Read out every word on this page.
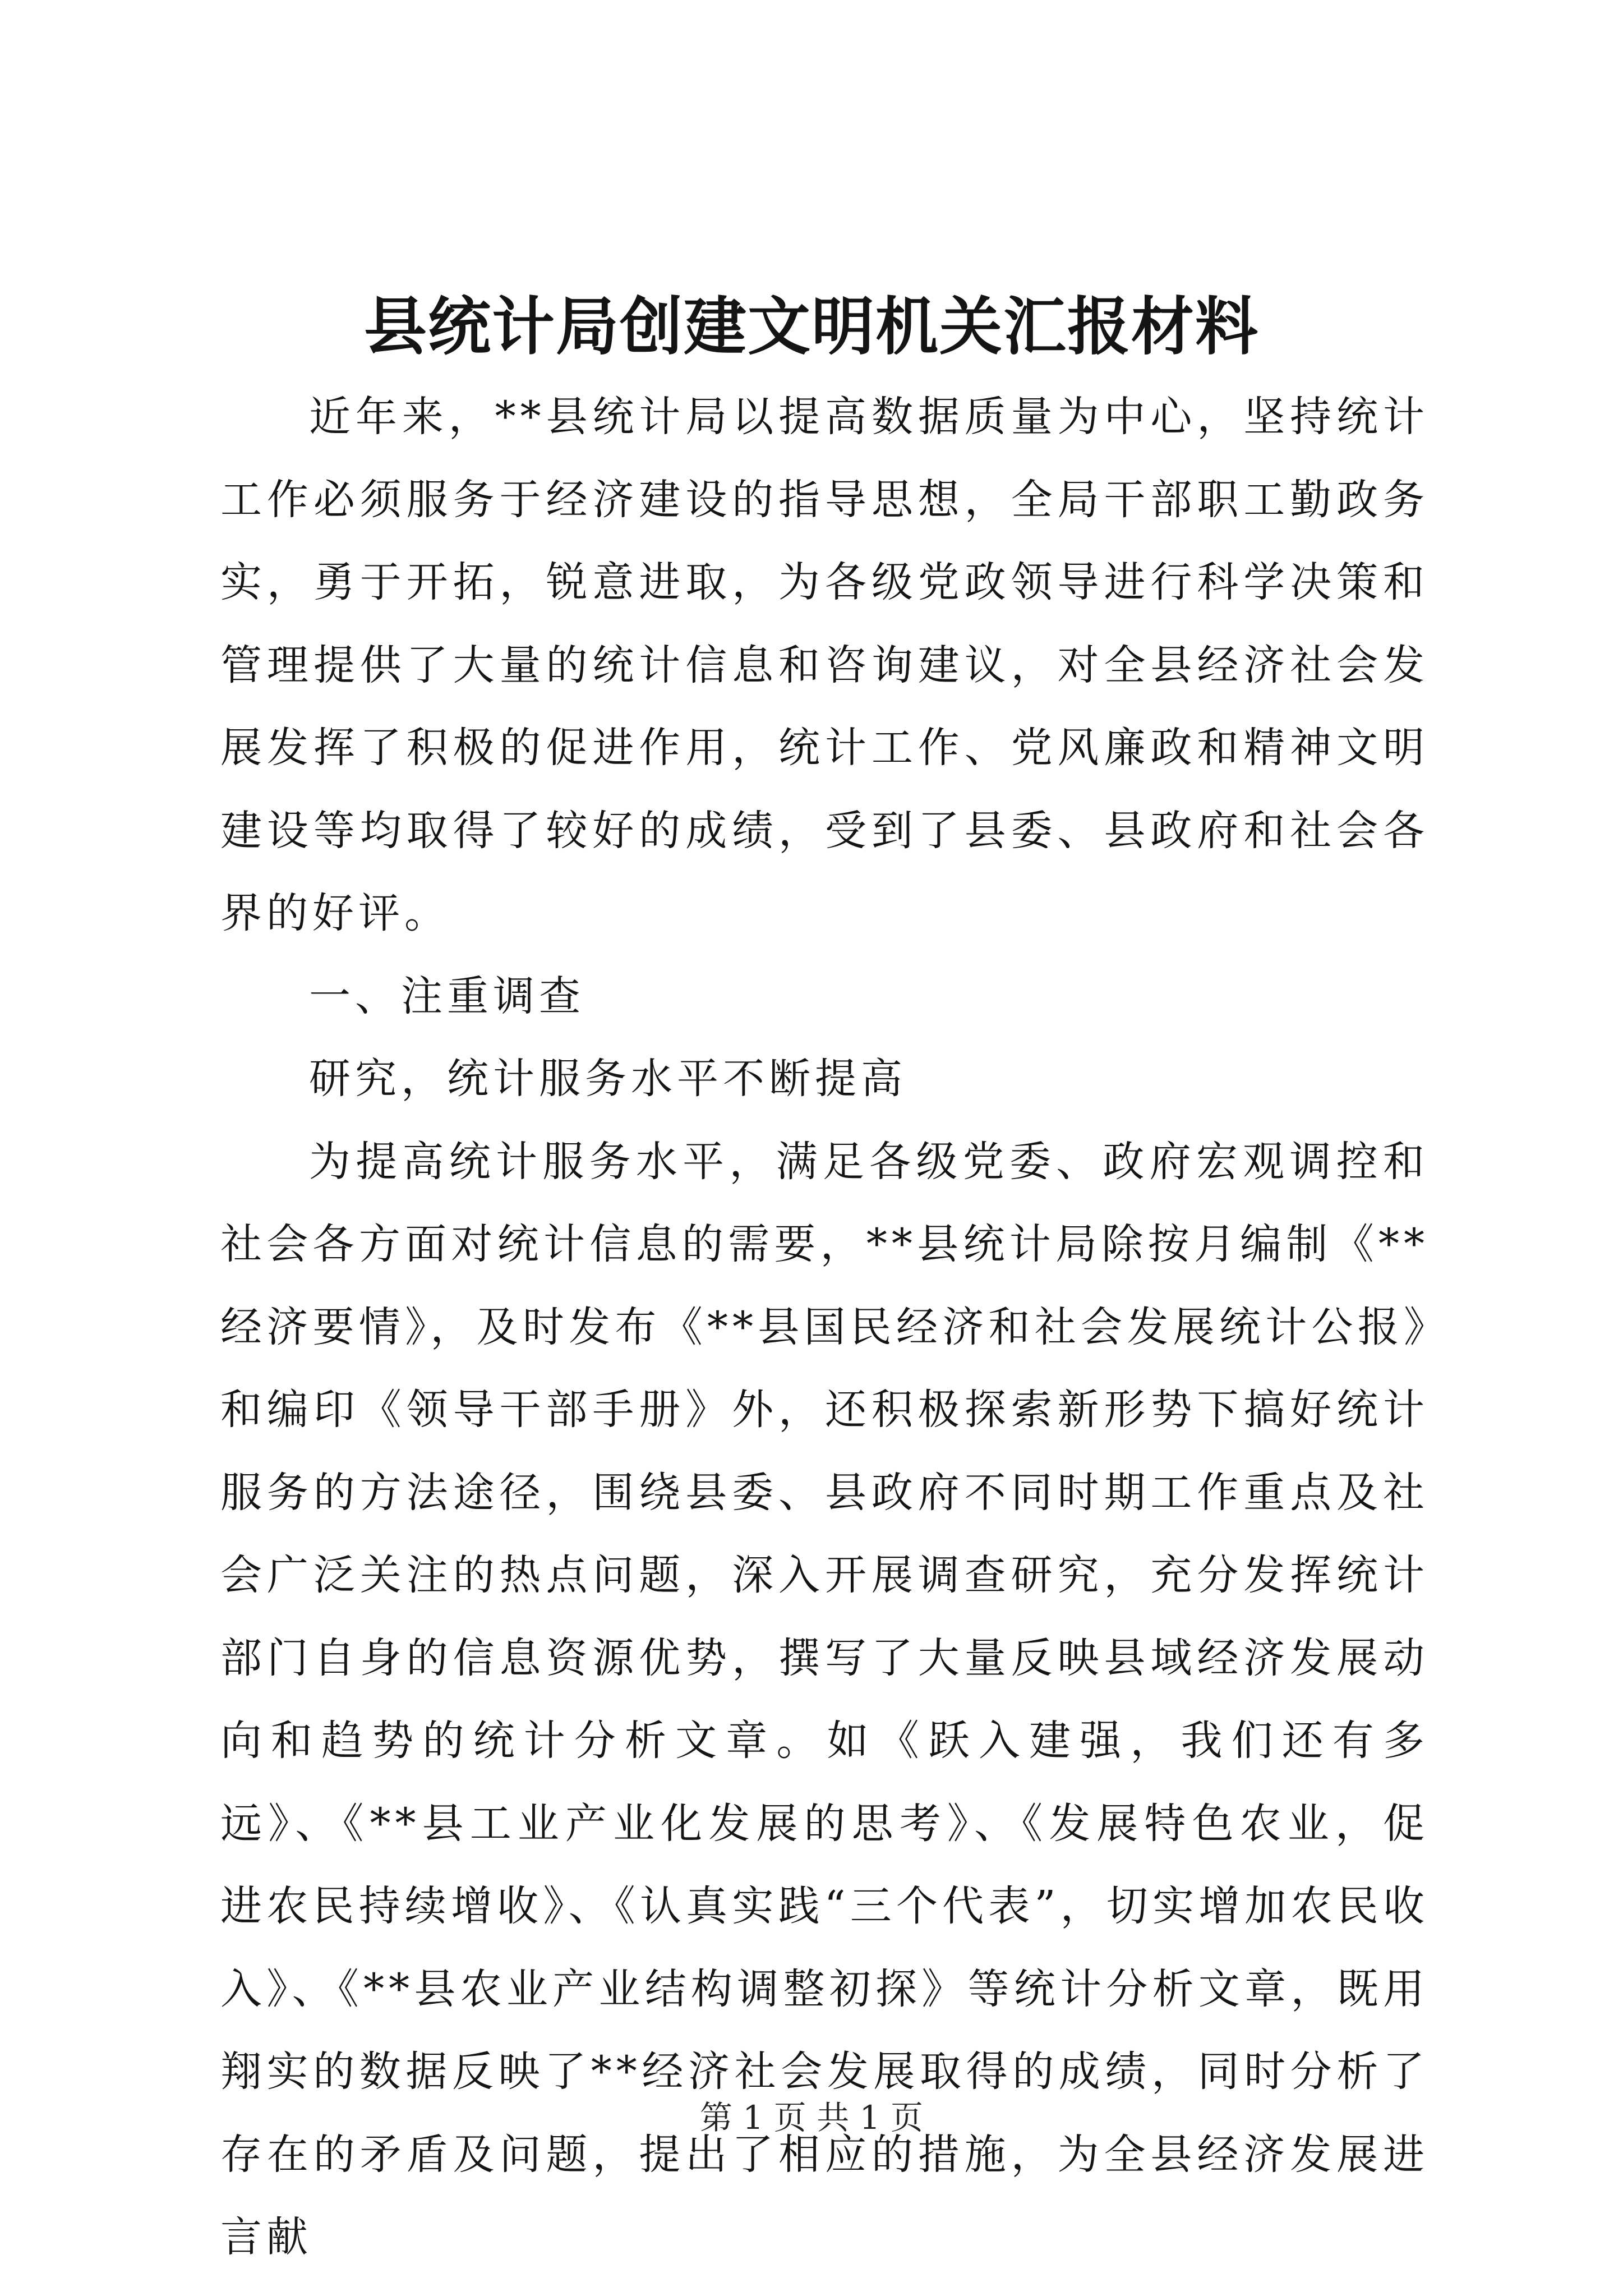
县统计局创建文明机关汇报材料

近年来，**县统计局以提高数据质量为中心，坚持统计工作必须服务于经济建设的指导思想，全局干部职工勤政务实，勇于开拓，锐意进取，为各级党政领导进行科学决策和管理提供了大量的统计信息和咨询建议，对全县经济社会发展发挥了积极的促进作用，统计工作、党风廉政和精神文明建设等均取得了较好的成绩，受到了县委、县政府和社会各界的好评。

一、注重调查

研究，统计服务水平不断提高

为提高统计服务水平，满足各级党委、政府宏观调控和社会各方面对统计信息的需要，**县统计局除按月编制《**经济要情》，及时发布《**县国民经济和社会发展统计公报》和编印《领导干部手册》外，还积极探索新形势下搞好统计服务的方法途径，围绕县委、县政府不同时期工作重点及社会广泛关注的热点问题，深入开展调查研究，充分发挥统计部门自身的信息资源优势，撰写了大量反映县域经济发展动向和趋势的统计分析文章。如《跃入建强，我们还有多远》、《**县工业产业化发展的思考》、《发展特色农业，促进农民持续增收》、《认真实践“三个代表”，切实增加农民收入》、《**县农业产业结构调整初探》等统计分析文章，既用翔实的数据反映了**经济社会发展取得的成绩，同时分析了存在的矛盾及问题，提出了相应的措施，为全县经济发展进言献

第 1 页 共 1 页
